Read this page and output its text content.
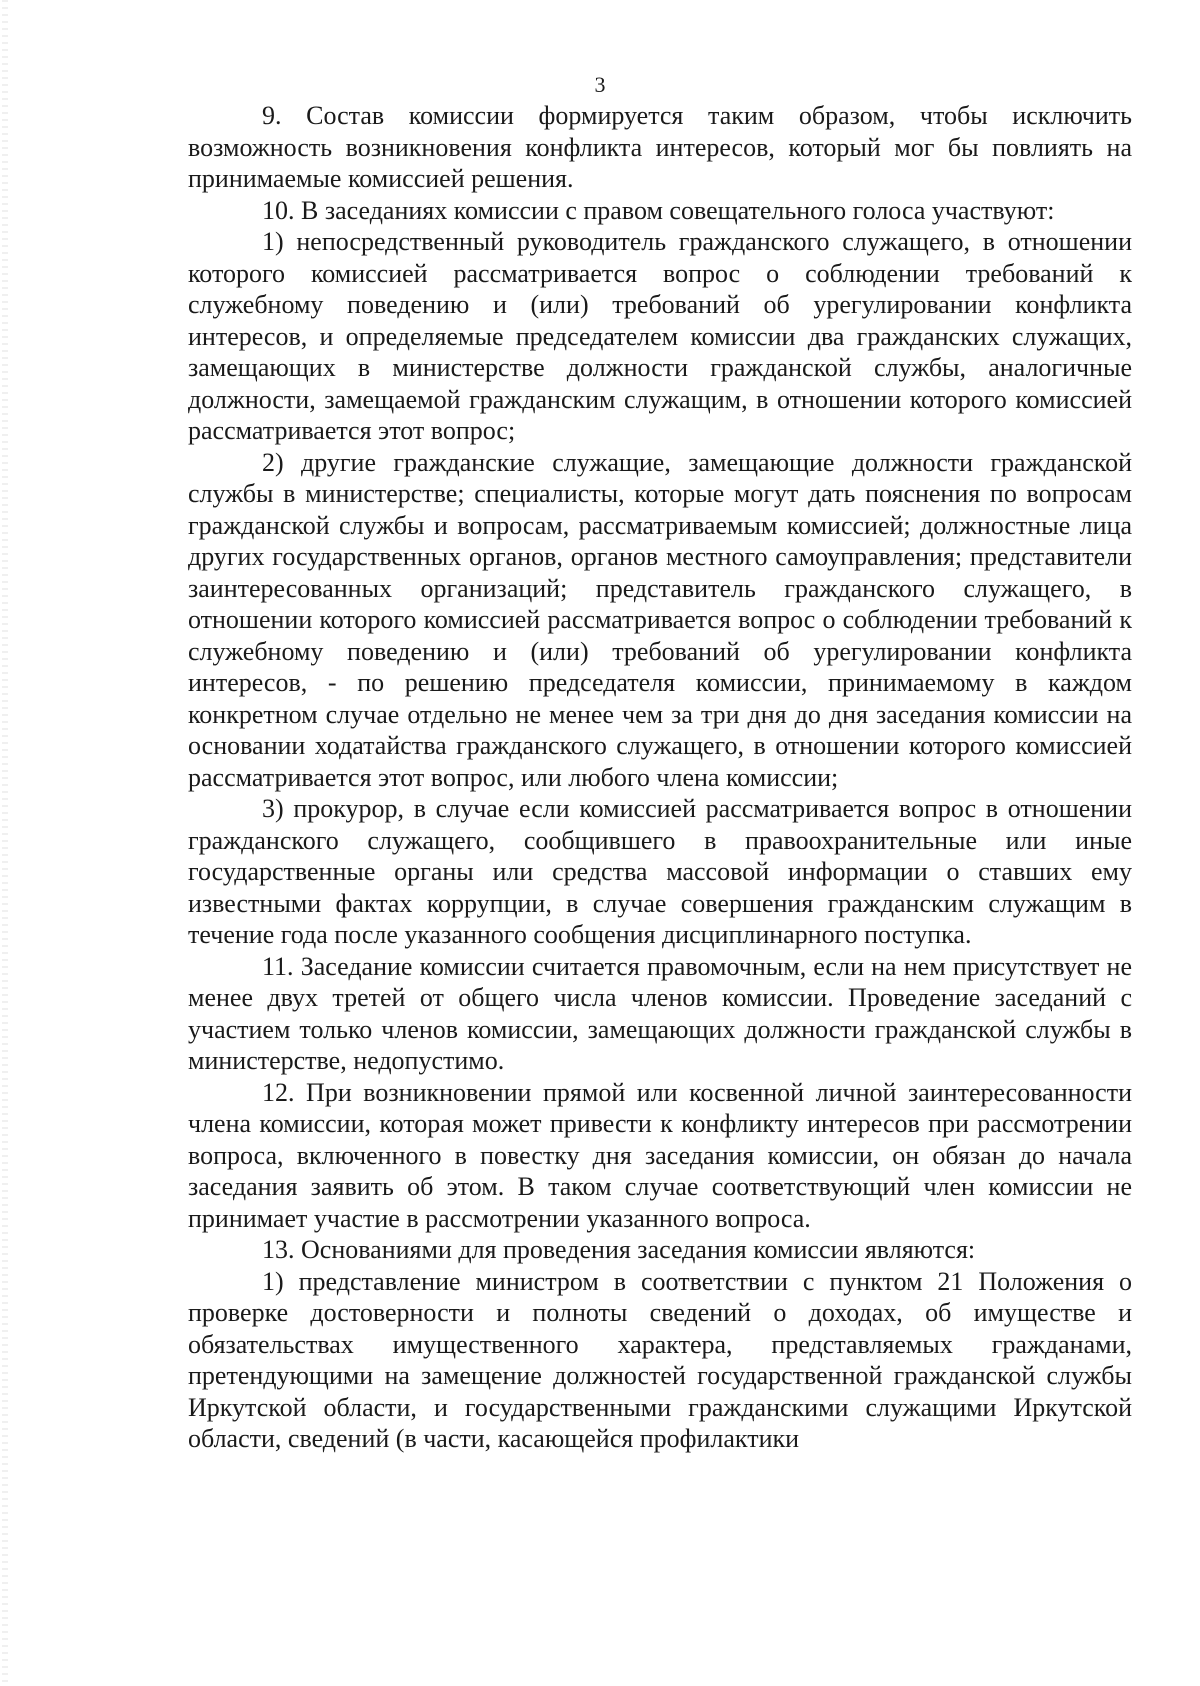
3

9. Состав комиссии формируется таким образом, чтобы исключить возможность возникновения конфликта интересов, который мог бы повлиять на принимаемые комиссией решения.

10. В заседаниях комиссии с правом совещательного голоса участвуют:

1) непосредственный руководитель гражданского служащего, в отношении которого комиссией рассматривается вопрос о соблюдении требований к служебному поведению и (или) требований об урегулировании конфликта интересов, и определяемые председателем комиссии два гражданских служащих, замещающих в министерстве должности гражданской службы, аналогичные должности, замещаемой гражданским служащим, в отношении которого комиссией рассматривается этот вопрос;

2) другие гражданские служащие, замещающие должности гражданской службы в министерстве; специалисты, которые могут дать пояснения по вопросам гражданской службы и вопросам, рассматриваемым комиссией; должностные лица других государственных органов, органов местного самоуправления; представители заинтересованных организаций; представитель гражданского служащего, в отношении которого комиссией рассматривается вопрос о соблюдении требований к служебному поведению и (или) требований об урегулировании конфликта интересов, - по решению председателя комиссии, принимаемому в каждом конкретном случае отдельно не менее чем за три дня до дня заседания комиссии на основании ходатайства гражданского служащего, в отношении которого комиссией рассматривается этот вопрос, или любого члена комиссии;

3) прокурор, в случае если комиссией рассматривается вопрос в отношении гражданского служащего, сообщившего в правоохранительные или иные государственные органы или средства массовой информации о ставших ему известными фактах коррупции, в случае совершения гражданским служащим в течение года после указанного сообщения дисциплинарного поступка.

11. Заседание комиссии считается правомочным, если на нем присутствует не менее двух третей от общего числа членов комиссии. Проведение заседаний с участием только членов комиссии, замещающих должности гражданской службы в министерстве, недопустимо.

12. При возникновении прямой или косвенной личной заинтересованности члена комиссии, которая может привести к конфликту интересов при рассмотрении вопроса, включенного в повестку дня заседания комиссии, он обязан до начала заседания заявить об этом. В таком случае соответствующий член комиссии не принимает участие в рассмотрении указанного вопроса.

13. Основаниями для проведения заседания комиссии являются:

1) представление министром в соответствии с пунктом 21 Положения о проверке достоверности и полноты сведений о доходах, об имуществе и обязательствах имущественного характера, представляемых гражданами, претендующими на замещение должностей государственной гражданской службы Иркутской области, и государственными гражданскими служащими Иркутской области, сведений (в части, касающейся профилактики
